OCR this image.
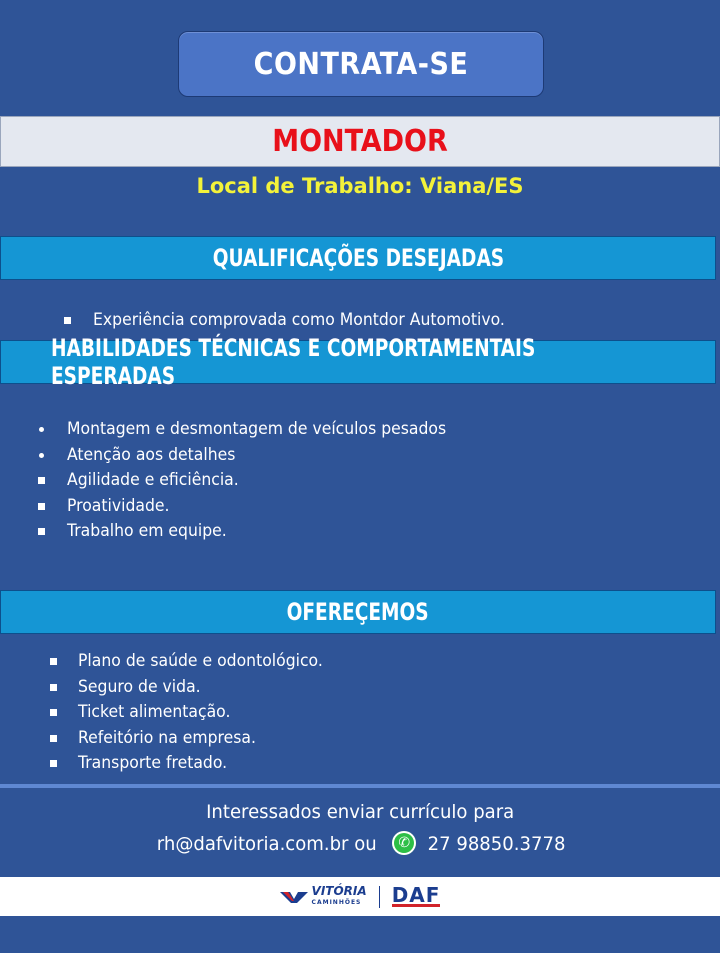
CONTRATA-SE
MONTADOR
Local de Trabalho: Viana/ES
QUALIFICAÇÕES DESEJADAS
Experiência comprovada como Montdor Automotivo.
HABILIDADES TÉCNICAS E COMPORTAMENTAIS ESPERADAS
Montagem e desmontagem de veículos pesados
Atenção aos detalhes
Agilidade e eficiência.
Proatividade.
Trabalho em equipe.
OFEREÇEMOS
Plano de saúde e odontológico.
Seguro de vida.
Ticket alimentação.
Refeitório na empresa.
Transporte fretado.
Interessados enviar currículo para
rh@dafvitoria.com.br ou✆	27 98850.3778
VITÓRIA
CAMINHÕES DAF
